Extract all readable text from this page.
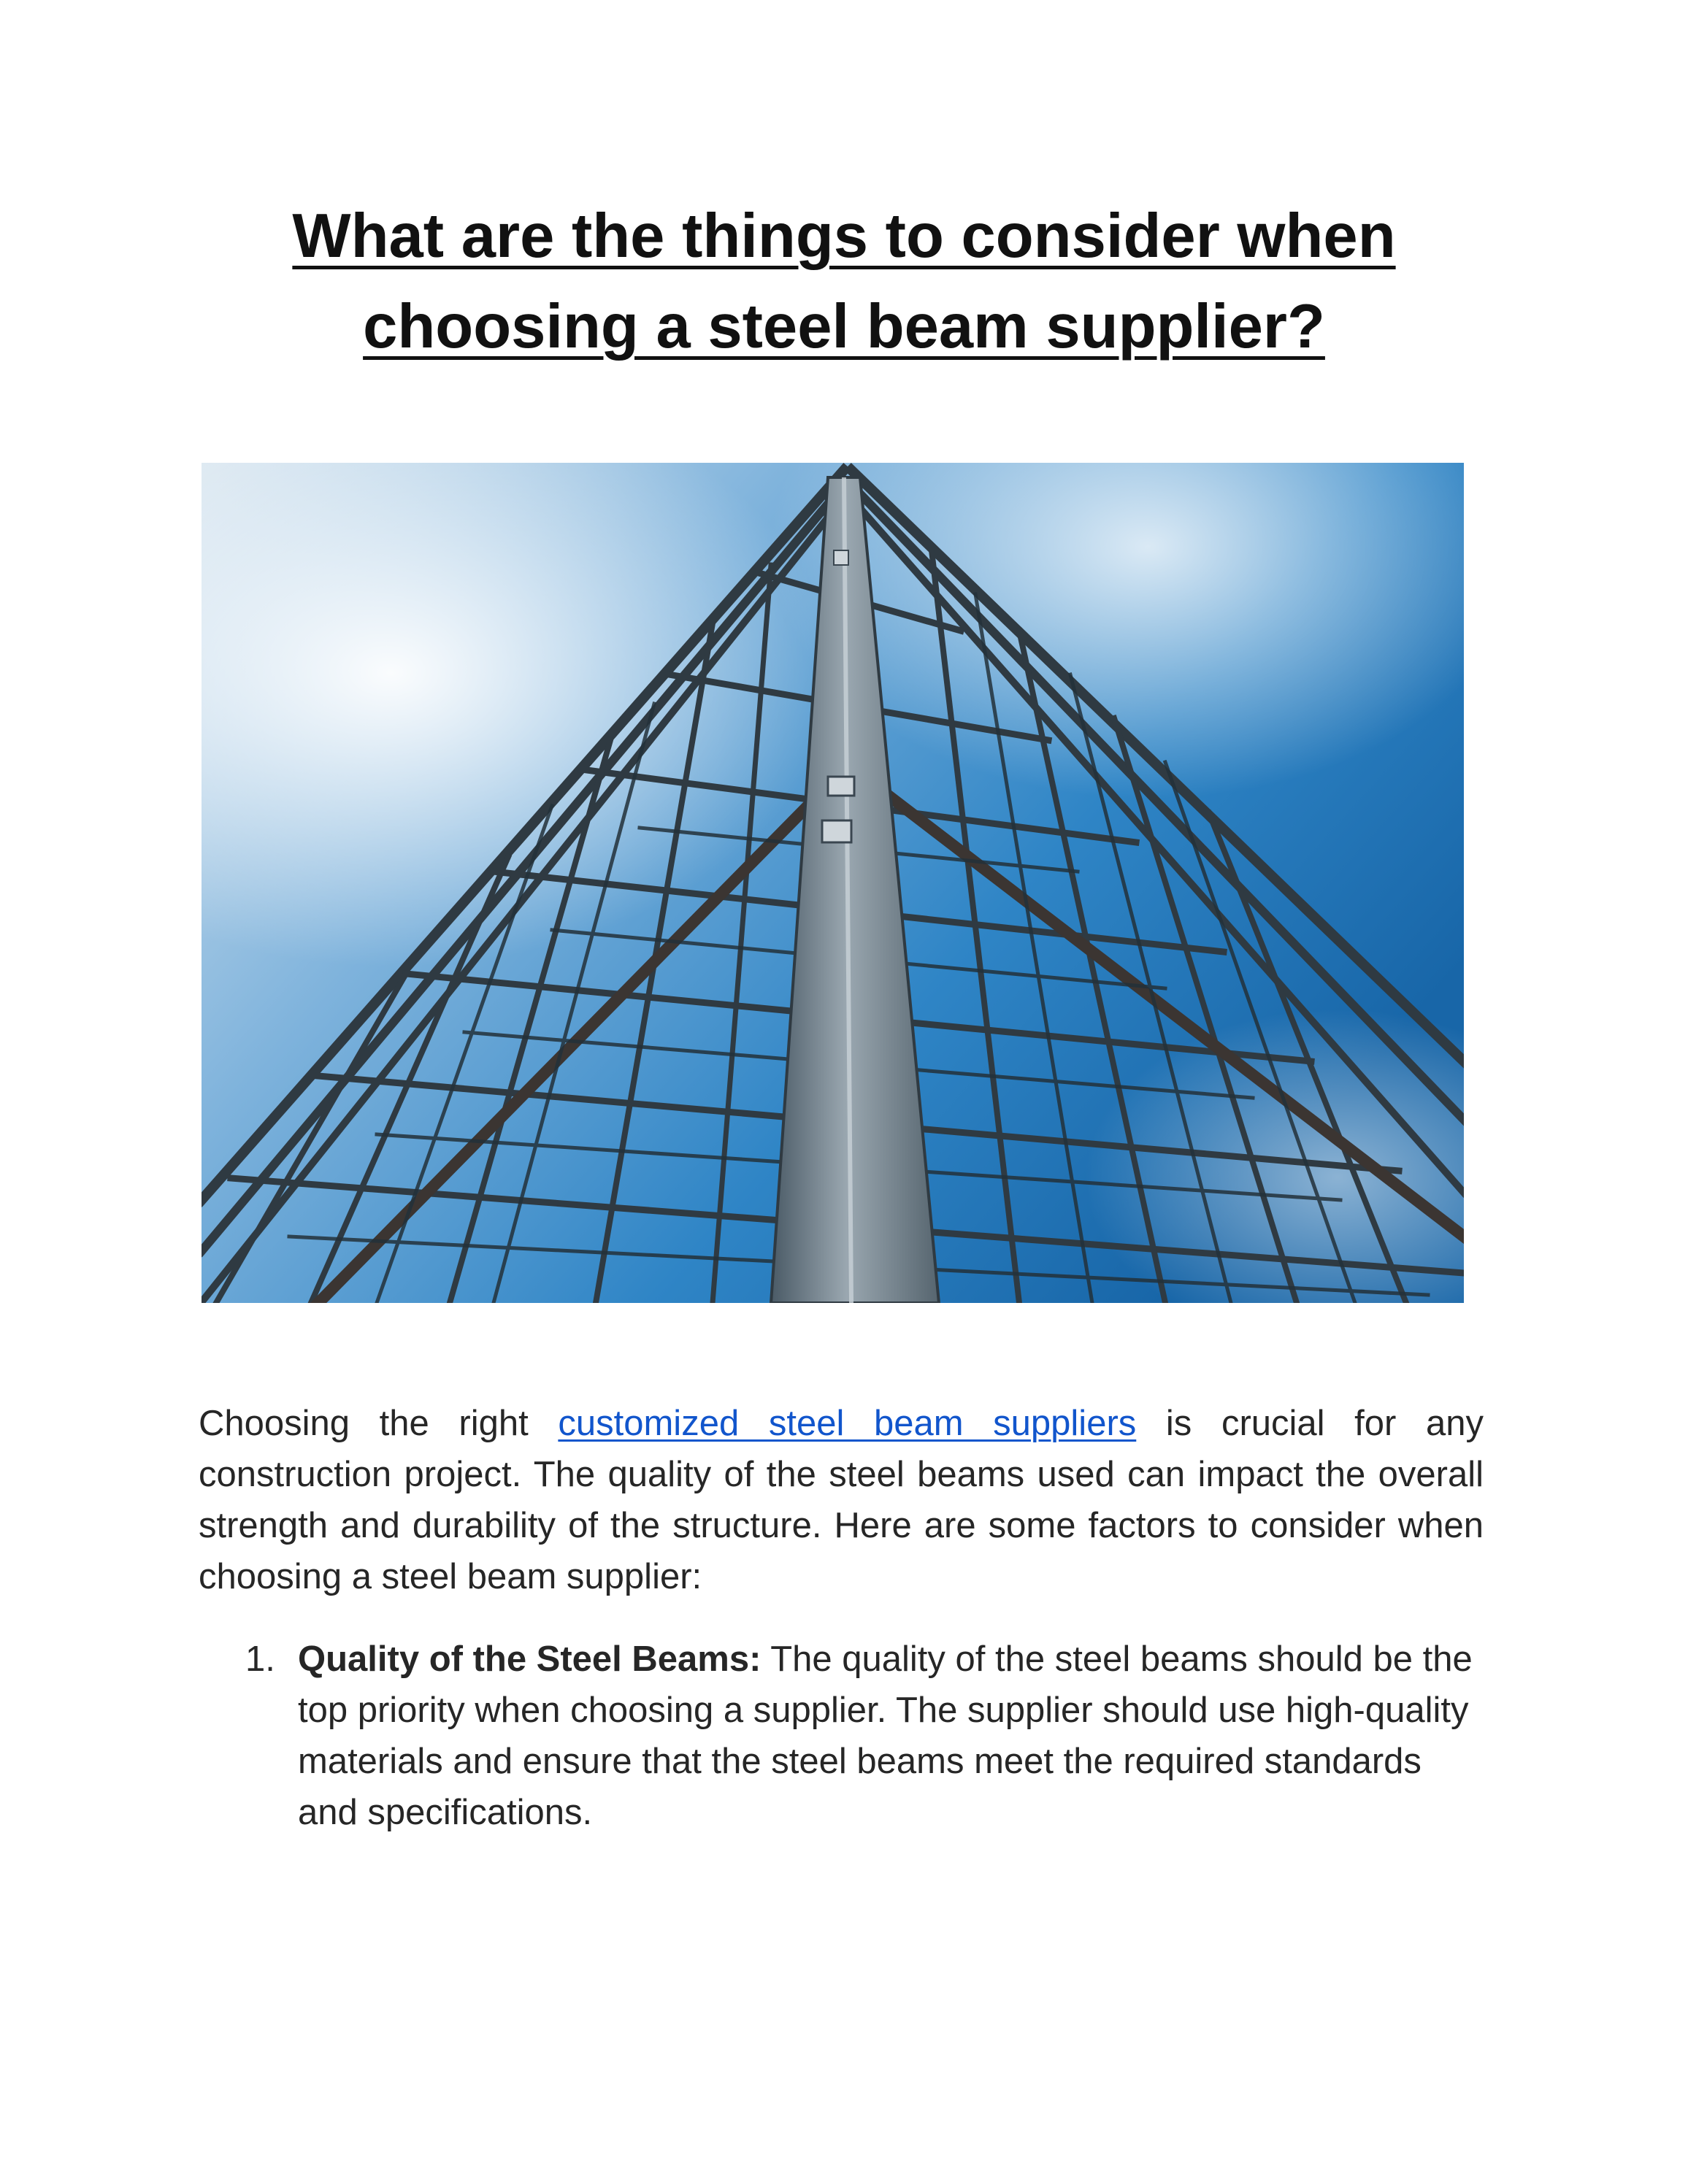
What are the things to consider when choosing a steel beam supplier?

Choosing the right customized steel beam suppliers is crucial for any construction project. The quality of the steel beams used can impact the overall strength and durability of the structure. Here are some factors to consider when choosing a steel beam supplier:

1. Quality of the Steel Beams: The quality of the steel beams should be the top priority when choosing a supplier. The supplier should use high-quality materials and ensure that the steel beams meet the required standards and specifications.
